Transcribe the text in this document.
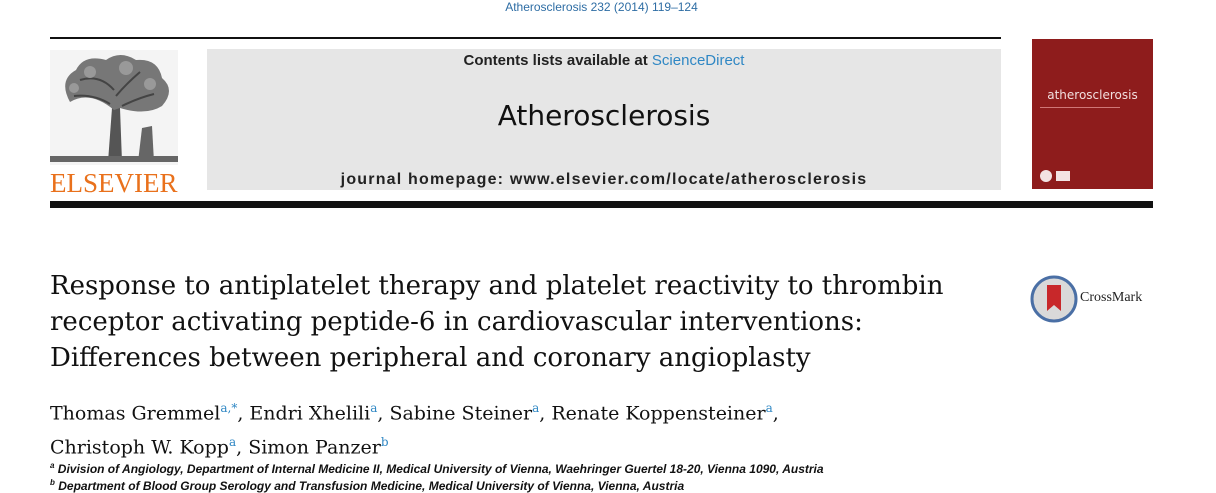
Atherosclerosis 232 (2014) 119–124
ELSEVIER
Contents lists available at ScienceDirect
Atherosclerosis
journal homepage: www.elsevier.com/locate/atherosclerosis
atherosclerosis
Response to antiplatelet therapy and platelet reactivity to thrombin
receptor activating peptide-6 in cardiovascular interventions:
Differences between peripheral and coronary angioplasty
CrossMark
Thomas Gremmel$^{a,*}$, Endri Xhelili$^a$, Sabine Steiner$^a$, Renate Koppensteiner$^a$,
Christoph W. Kopp$^a$, Simon Panzer$^b$
$^a$ Division of Angiology, Department of Internal Medicine II, Medical University of Vienna, Waehringer Guertel 18-20, Vienna 1090, Austria
$^b$ Department of Blood Group Serology and Transfusion Medicine, Medical University of Vienna, Vienna, Austria
